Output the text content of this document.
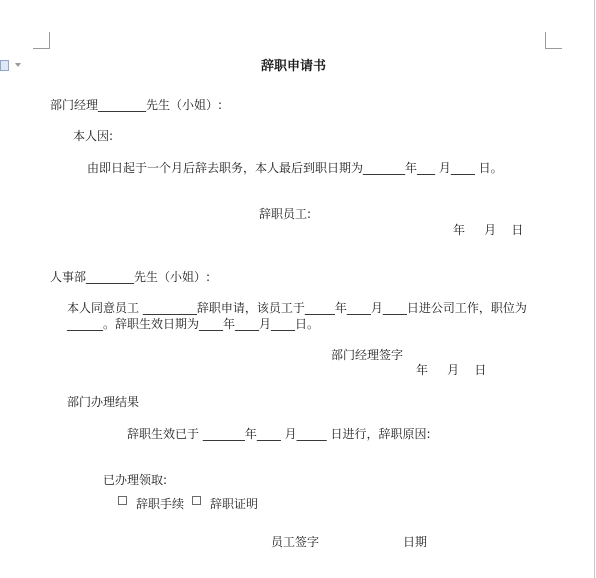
辞职申请书
部门经理________先生（小姐）:
本人因:
由即日起于一个月后辞去职务，本人最后到职日期为_______年___ 月____ 日。
辞职员工:
年     月    日
人事部________先生（小姐）:
本人同意员工 _________辞职申请，该员工于_____年____月____日进公司工作，职位为
______。辞职生效日期为____年____月____日。
部门经理签字
年     月    日
部门办理结果
辞职生效已于 _______年____ 月_____ 日进行，辞职原因:
已办理领取:
辞职手续 辞职证明
员工签字	日期
